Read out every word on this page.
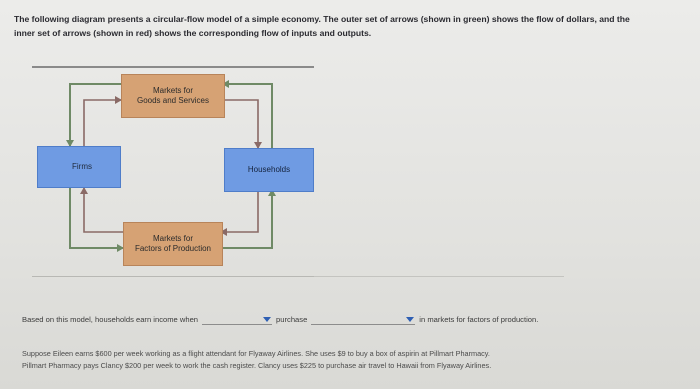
The following diagram presents a circular-flow model of a simple economy. The outer set of arrows (shown in green) shows the flow of dollars, and the
inner set of arrows (shown in red) shows the corresponding flow of inputs and outputs.
Markets for
Goods and Services
Firms	Households
Markets for
Factors of Production
Based on this model, households earn income when	purchase	in markets for factors of production.
Suppose Eileen earns $600 per week working as a flight attendant for Flyaway Airlines. She uses $9 to buy a box of aspirin at Pillmart Pharmacy.
Pillmart Pharmacy pays Clancy $200 per week to work the cash register. Clancy uses $225 to purchase air travel to Hawaii from Flyaway Airlines.
